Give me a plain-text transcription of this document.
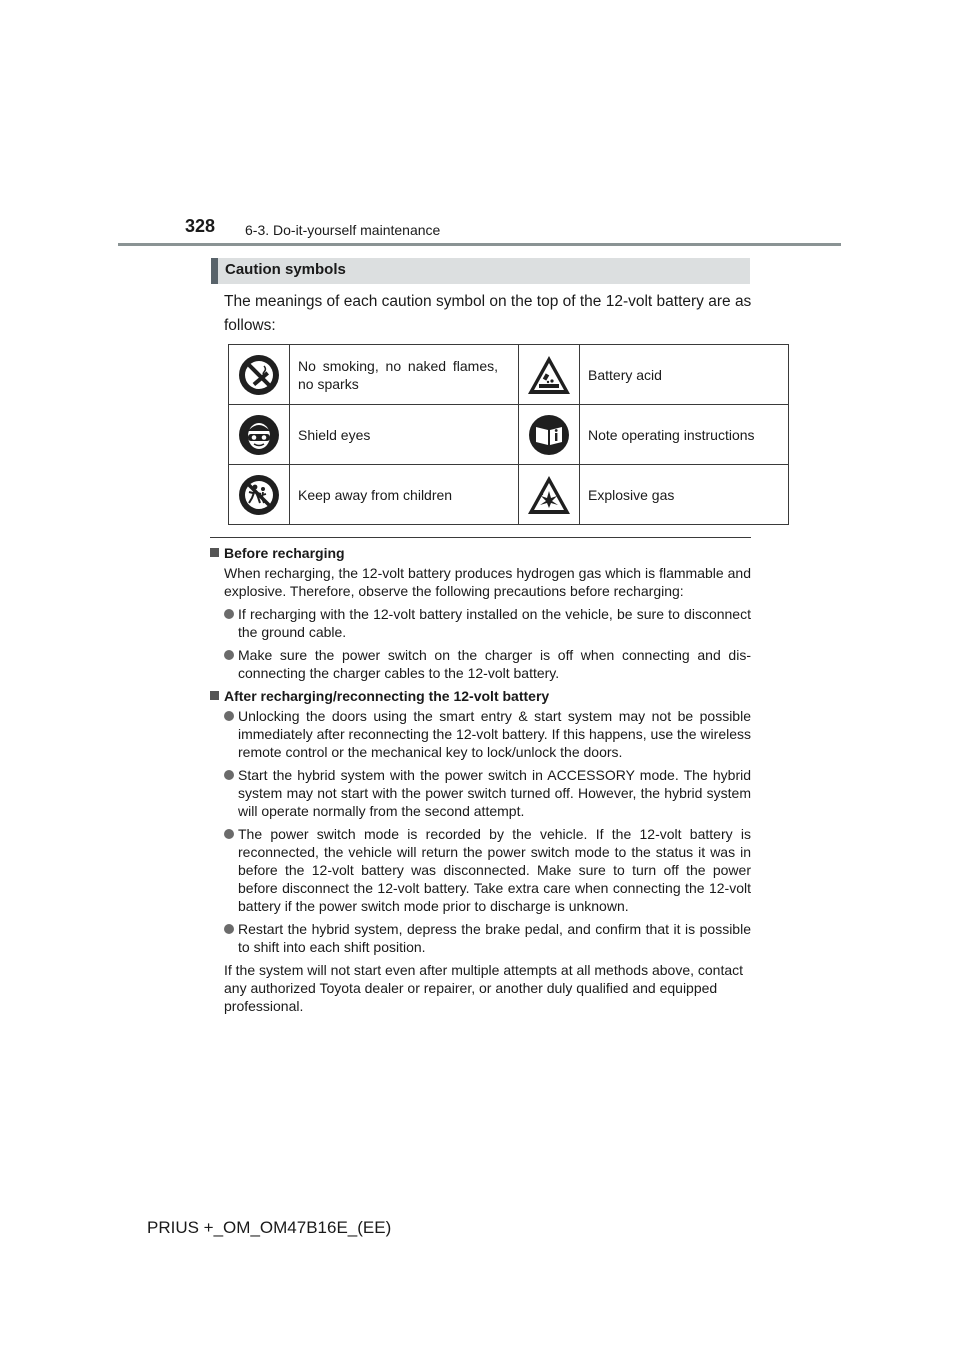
328 6-3. Do-it-yourself maintenance
Caution symbols
The meanings of each caution symbol on the top of the 12-volt battery are as follows:
	No smoking, no naked flames, no sparks		Battery acid
	Shield eyes		Note operating instructions
	Keep away from children		Explosive gas
Before recharging
When recharging, the 12-volt battery produces hydrogen gas which is flammable and explosive. Therefore, observe the following precautions before recharging:
If recharging with the 12-volt battery installed on the vehicle, be sure to disconnect the ground cable.
Make sure the power switch on the charger is off when connecting and disconnecting the charger cables to the 12-volt battery.
After recharging/reconnecting the 12-volt battery
Unlocking the doors using the smart entry & start system may not be possible immediately after reconnecting the 12-volt battery. If this happens, use the wireless remote control or the mechanical key to lock/unlock the doors.
Start the hybrid system with the power switch in ACCESSORY mode. The hybrid system may not start with the power switch turned off. However, the hybrid system will operate normally from the second attempt.
The power switch mode is recorded by the vehicle. If the 12-volt battery is reconnected, the vehicle will return the power switch mode to the status it was in before the 12-volt battery was disconnected. Make sure to turn off the power before disconnect the 12-volt battery. Take extra care when connecting the 12-volt battery if the power switch mode prior to discharge is unknown.
Restart the hybrid system, depress the brake pedal, and confirm that it is possible to shift into each shift position.
If the system will not start even after multiple attempts at all methods above, contact any authorized Toyota dealer or repairer, or another duly qualified and equipped professional.
PRIUS +_OM_OM47B16E_(EE)
